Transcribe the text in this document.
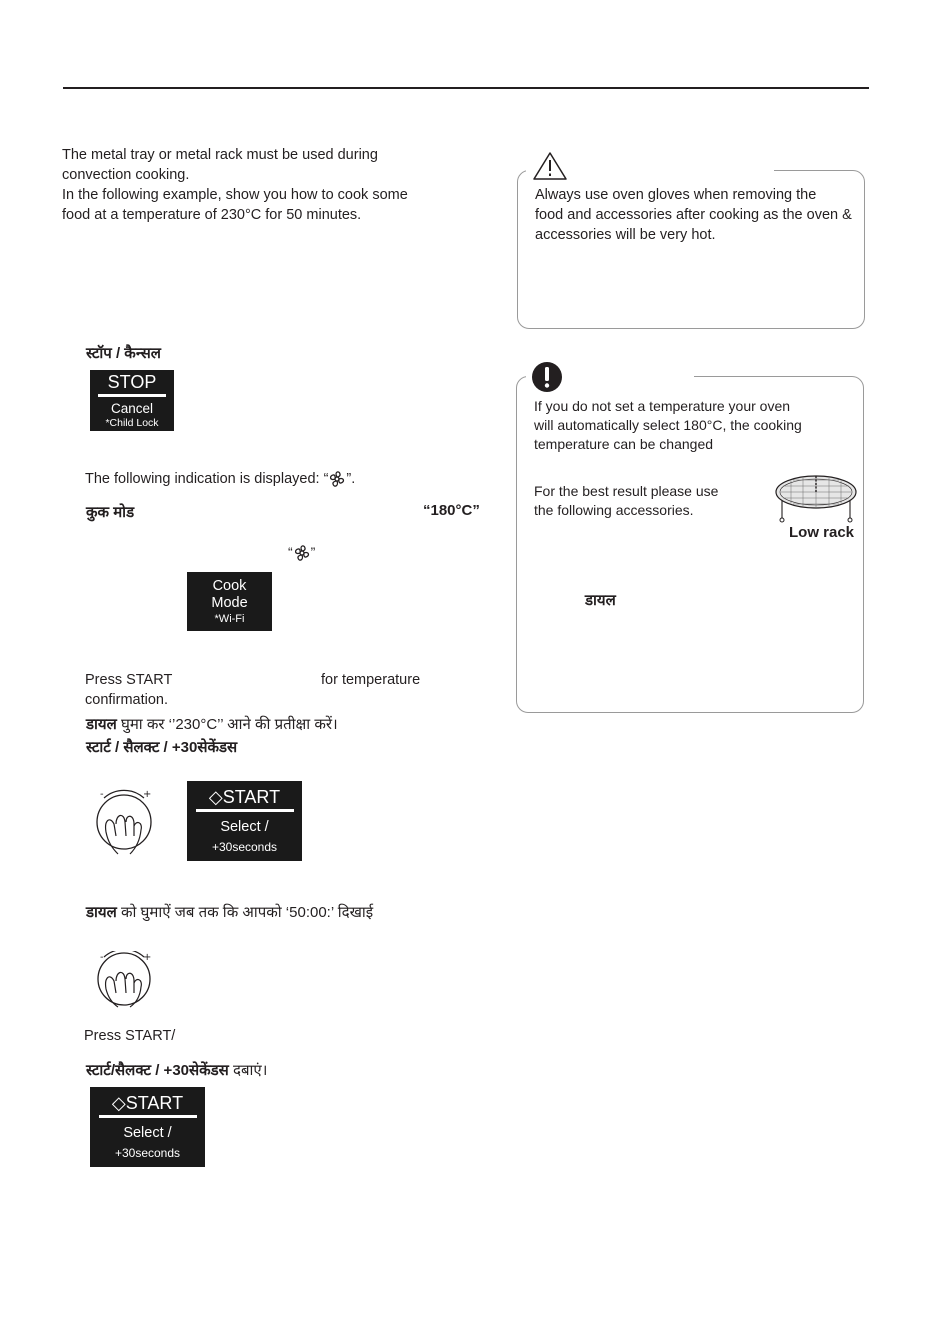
The metal tray or metal rack must be used during
convection cooking.
In the following example, show you how to cook some
food at a temperature of 230°C for 50 minutes.
स्टॉप / कैन्सल
STOP
Cancel
*Child Lock
The following indication is displayed: “ ”.
कुक मोड	“180°C”
“ ”
Cook
Mode
*Wi-Fi
Press START	for temperature
confirmation.
डायल घुमा कर ‘’230°C’’ आने की प्रतीक्षा करें।
स्टार्ट / सैलक्ट / +30सेकेंडस
-	+	◇START
Select /
+30seconds
डायल को घुमाऐं जब तक कि आपको ‘50:00:’ दिखाई
-	+
Press START/
स्टार्ट/सैलक्ट / +30सेकेंडस दबाएं।
◇START
Select /
+30seconds
Always use oven gloves when removing the
food and accessories after cooking as the oven &
accessories will be very hot.
If you do not set a temperature your oven
will automatically select 180°C, the cooking
temperature can be changed
For the best result please use
the following accessories.
Low rack
डायल
